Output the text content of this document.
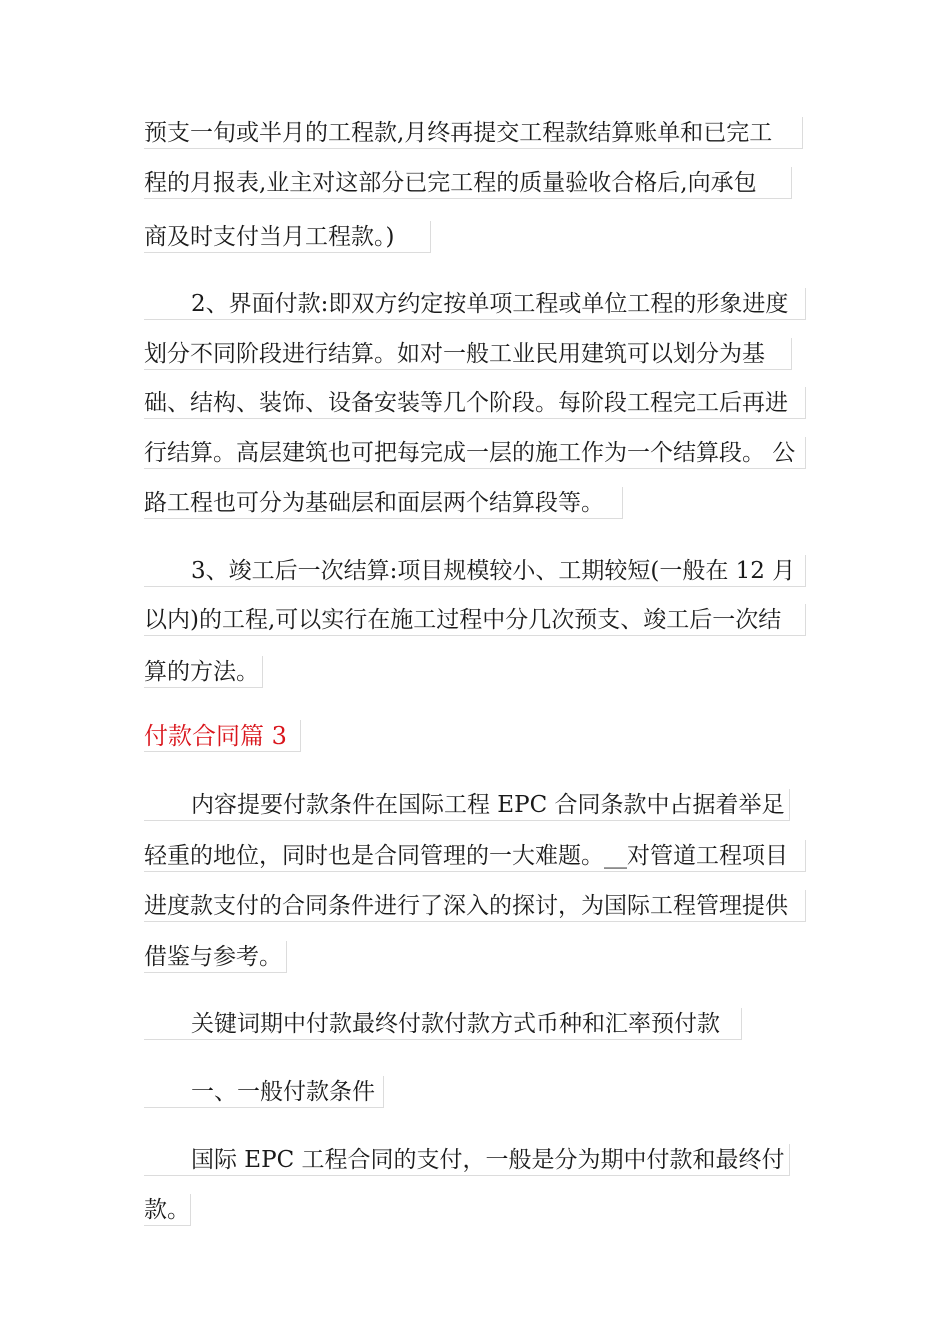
预支一旬或半月的工程款,月终再提交工程款结算账单和已完工
程的月报表,业主对这部分已完工程的质量验收合格后,向承包
商及时支付当月工程款。)
2、界面付款:即双方约定按单项工程或单位工程的形象进度
划分不同阶段进行结算。如对一般工业民用建筑可以划分为基
础、结构、装饰、设备安装等几个阶段。每阶段工程完工后再进
行结算。高层建筑也可把每完成一层的施工作为一个结算段。 公
路工程也可分为基础层和面层两个结算段等。
3、竣工后一次结算:项目规模较小、工期较短(一般在 12 月
以内)的工程,可以实行在施工过程中分几次预支、竣工后一次结
算的方法。
付款合同篇 3
内容提要付款条件在国际工程 EPC 合同条款中占据着举足
轻重的地位，同时也是合同管理的一大难题。__对管道工程项目
进度款支付的合同条件进行了深入的探讨，为国际工程管理提供
借鉴与参考。
关键词期中付款最终付款付款方式币种和汇率预付款
一、一般付款条件
国际 EPC 工程合同的支付，一般是分为期中付款和最终付
款。
